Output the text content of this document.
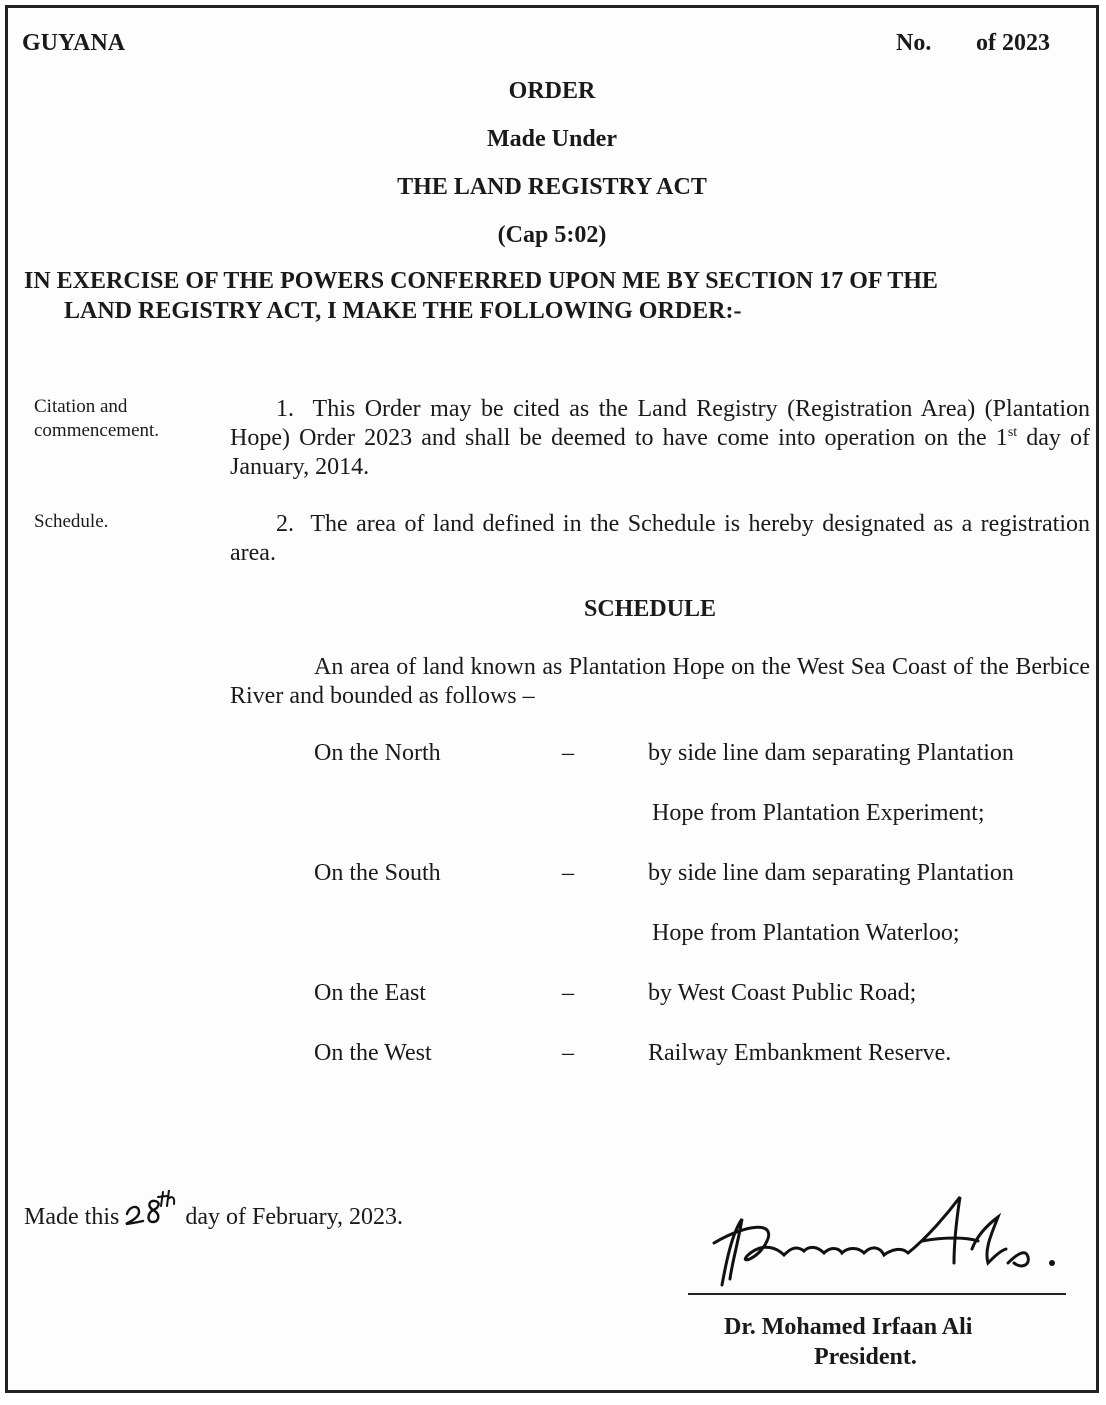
GUYANA	No. of 2023
ORDER
Made Under
THE LAND REGISTRY ACT
(Cap 5:02)
IN EXERCISE OF THE POWERS CONFERRED UPON ME BY SECTION 17 OF THE
LAND REGISTRY ACT, I MAKE THE FOLLOWING ORDER:-
Citation and
commencement.
1. This Order may be cited as the Land Registry (Registration Area) (Plantation Hope) Order 2023 and shall be deemed to have come into operation on the 1st day of January, 2014.
Schedule.	2. The area of land defined in the Schedule is hereby designated as a registration area.
SCHEDULE
An area of land known as Plantation Hope on the West Sea Coast of the Berbice River and bounded as follows –
On the North	–	by side line dam separating Plantation
Hope from Plantation Experiment;
On the South	–	by side line dam separating Plantation
Hope from Plantation Waterloo;
On the East	–	by West Coast Public Road;
On the West	–	Railway Embankment Reserve.
Made this	day of February, 2023.
Dr. Mohamed Irfaan Ali
President.
